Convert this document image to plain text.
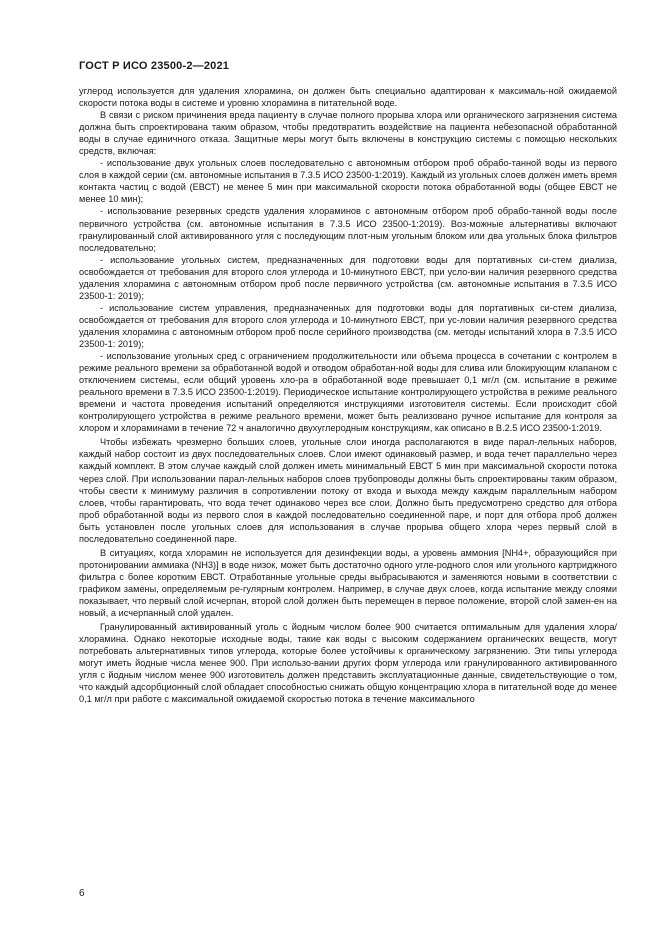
ГОСТ Р ИСО 23500-2—2021

углерод используется для удаления хлорамина, он должен быть специально адаптирован к максималь-ной ожидаемой скорости потока воды в системе и уровню хлорамина в питательной воде.

В связи с риском причинения вреда пациенту в случае полного прорыва хлора или органического загрязнения система должна быть спроектирована таким образом, чтобы предотвратить воздействие на пациента небезопасной обработанной воды в случае единичного отказа. Защитные меры могут быть включены в конструкцию системы с помощью нескольких средств, включая:

- использование двух угольных слоев последовательно с автономным отбором проб обрабо-танной воды из первого слоя в каждой серии (см. автономные испытания в 7.3.5 ИСО 23500-1:2019). Каждый из угольных слоев должен иметь время контакта частиц с водой (ЕВСТ) не менее 5 мин при максимальной скорости потока обработанной воды (общее ЕВСТ не менее 10 мин);

- использование резервных средств удаления хлораминов с автономным отбором проб обрабо-танной воды после первичного устройства (см. автономные испытания в 7.3.5 ИСО 23500-1:2019). Воз-можные альтернативы включают гранулированный слой активированного угля с последующим плот-ным угольным блоком или два угольных блока фильтров последовательно;

- использование угольных систем, предназначенных для подготовки воды для портативных си-стем диализа, освобождается от требования для второго слоя углерода и 10-минутного ЕВСТ, при усло-вии наличия резервного средства удаления хлорамина с автономным отбором проб после первичного устройства (см. автономные испытания в 7.3.5 ИСО 23500-1: 2019);

- использование систем управления, предназначенных для подготовки воды для портативных си-стем диализа, освобождается от требования для второго слоя углерода и 10-минутного ЕВСТ, при ус-ловии наличия резервного средства удаления хлорамина с автономным отбором проб после серийного производства (см. методы испытаний хлора в 7.3.5 ИСО 23500-1: 2019);

- использование угольных сред с ограничением продолжительности или объема процесса в сочетании с контролем в режиме реального времени за обработанной водой и отводом обработан-ной воды для слива или блокирующим клапаном с отключением системы, если общий уровень хло-ра в обработанной воде превышает 0,1 мг/л (см. испытание в режиме реального времени в 7.3.5 ИСО 23500-1:2019). Периодическое испытание контролирующего устройства в режиме реального времени и частота проведения испытаний определяются инструкциями изготовителя системы. Если происходит сбой контролирующего устройства в режиме реального времени, может быть реализовано ручное испытание для контроля за хлором и хлораминами в течение 72 ч аналогично двухуглеродным конструкциям, как описано в В.2.5 ИСО 23500-1:2019.

Чтобы избежать чрезмерно больших слоев, угольные слои иногда располагаются в виде парал-лельных наборов, каждый набор состоит из двух последовательных слоев. Слои имеют одинаковый размер, и вода течет параллельно через каждый комплект. В этом случае каждый слой должен иметь минимальный ЕВСТ 5 мин при максимальной скорости потока через слой. При использовании парал-лельных наборов слоев трубопроводы должны быть спроектированы таким образом, чтобы свести к минимуму различия в сопротивлении потоку от входа и выхода между каждым параллельным набором слоев, чтобы гарантировать, что вода течет одинаково через все слои. Должно быть предусмотрено средство для отбора проб обработанной воды из первого слоя в каждой последовательно соединенной паре, и порт для отбора проб должен быть установлен после угольных слоев для использования в случае прорыва общего хлора через первый слой в последовательно соединенной паре.

В ситуациях, когда хлорамин не используется для дезинфекции воды, а уровень аммония [NH4+, образующийся при протонировании аммиака (NH3)] в воде низок, может быть достаточно одного угле-родного слоя или угольного картриджного фильтра с более коротким ЕВСТ. Отработанные угольные среды выбрасываются и заменяются новыми в соответствии с графиком замены, определяемым ре-гулярным контролем. Например, в случае двух слоев, когда испытание между слоями показывает, что первый слой исчерпан, второй слой должен быть перемещен в первое положение, второй слой замен-ен на новый, а исчерпанный слой удален.

Гранулированный активированный уголь с йодным числом более 900 считается оптимальным для удаления хлора/хлорамина. Однако некоторые исходные воды, такие как воды с высоким содержанием органических веществ, могут потребовать альтернативных типов углерода, которые более устойчивы к органическому загрязнению. Эти типы углерода могут иметь йодные числа менее 900. При использо-вании других форм углерода или гранулированного активированного угля с йодным числом менее 900 изготовитель должен представить эксплуатационные данные, свидетельствующие о том, что каждый адсорбционный слой обладает способностью снижать общую концентрацию хлора в питательной воде до менее 0,1 мг/л при работе с максимальной ожидаемой скоростью потока в течение максимального

6
